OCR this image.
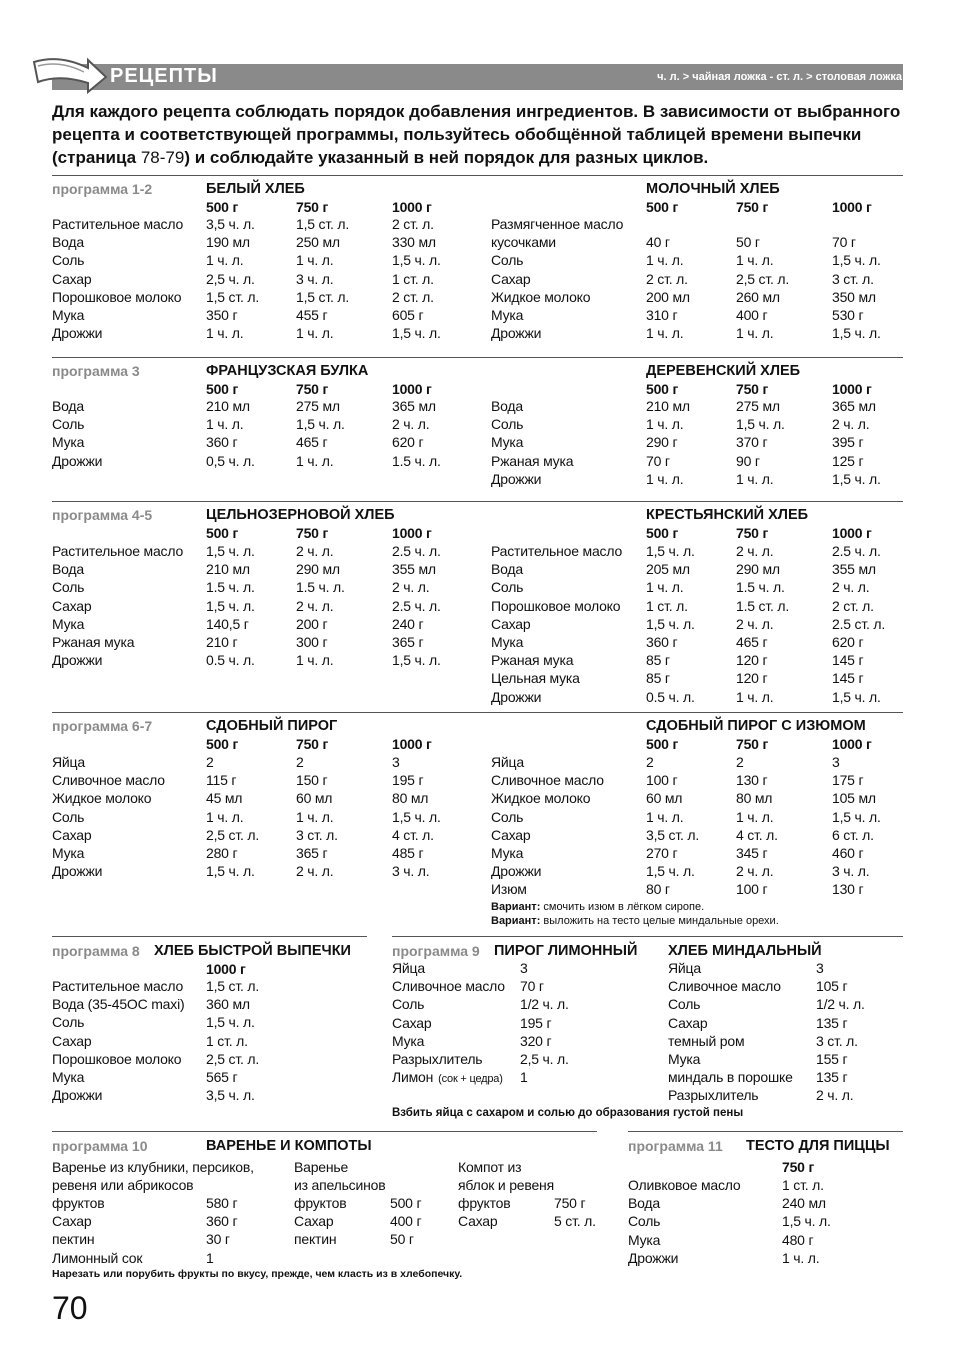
РЕЦЕПТЫ	ч. л. > чайная ложка - ст. л. > столовая ложка
Для каждого рецепта соблюдать порядок добавления ингредиентов. В зависимости от выбранного рецепта и соответствующей программы, пользуйтесь обобщённой таблицей времени выпечки (страница 78-79) и соблюдайте указанный в ней порядок для разных циклов.
программа 1-2	БЕЛЫЙ ХЛЕБ	МОЛОЧНЫЙ ХЛЕБ
500 г	750 г	1000 г
Растительное масло 3,5 ч. л.	1,5 ст. л.	2 ст. л.
Вода	190 мл	250 мл	330 мл
Соль	1 ч. л.	1 ч. л.	1,5 ч. л.
Сахар	2,5 ч. л.	3 ч. л.	1 ст. л.
Порошковое молоко 1,5 ст. л.	1,5 ст. л.	2 ст. л.
Мука	350 г	455 г	605 г
Дрожжи	1 ч. л.	1 ч. л.	1,5 ч. л.
500 г	750 г	1000 г
Размягченное масло
кусочками	40 г	50 г	70 г
Соль	1 ч. л.	1 ч. л.	1,5 ч. л.
Сахар	2 ст. л.	2,5 ст. л.	3 ст. л.
Жидкое молоко	200 мл	260 мл	350 мл
Мука	310 г	400 г	530 г
Дрожжи	1 ч. л.	1 ч. л.	1,5 ч. л.
программа 3	ФРАНЦУЗСКАЯ БУЛКА	ДЕРЕВЕНСКИЙ ХЛЕБ
500 г	750 г	1000 г
Вода	210 мл	275 мл	365 мл
Соль	1 ч. л.	1,5 ч. л.	2 ч. л.
Мука	360 г	465 г	620 г
Дрожжи	0,5 ч. л.	1 ч. л.	1.5 ч. л.
500 г	750 г	1000 г
Вода	210 мл	275 мл	365 мл
Соль	1 ч. л.	1,5 ч. л.	2 ч. л.
Мука	290 г	370 г	395 г
Ржаная мука	70 г	90 г	125 г
Дрожжи	1 ч. л.	1 ч. л.	1,5 ч. л.
программа 4-5	ЦЕЛЬНОЗЕРНОВОЙ ХЛЕБ	КРЕСТЬЯНСКИЙ ХЛЕБ
500 г	750 г	1000 г
Растительное масло 1,5 ч. л.	2 ч. л.	2.5 ч. л.
Вода	210 мл	290 мл	355 мл
Соль	1.5 ч. л.	1.5 ч. л.	2 ч. л.
Сахар	1,5 ч. л.	2 ч. л.	2.5 ч. л.
Мука	140,5 г	200 г	240 г
Ржаная мука	210 г	300 г	365 г
Дрожжи	0.5 ч. л.	1 ч. л.	1,5 ч. л.
500 г	750 г	1000 г
Растительное масло 1,5 ч. л.	2 ч. л.	2.5 ч. л.
Вода	205 мл	290 мл	355 мл
Соль	1 ч. л.	1.5 ч. л.	2 ч. л.
Порошковое молоко 1 ст. л.	1.5 ст. л.	2 ст. л.
Сахар	1,5 ч. л.	2 ч. л.	2.5 ст. л.
Мука	360 г	465 г	620 г
Ржаная мука	85 г	120 г	145 г
Цельная мука	85 г	120 г	145 г
Дрожжи	0.5 ч. л.	1 ч. л.	1,5 ч. л.
программа 6-7	СДОБНЫЙ ПИРОГ	СДОБНЫЙ ПИРОГ С ИЗЮМОМ
500 г	750 г	1000 г
Яйца	2	2	3
Сливочное масло	115 г	150 г	195 г
Жидкое молоко	45 мл	60 мл	80 мл
Соль	1 ч. л.	1 ч. л.	1,5 ч. л.
Сахар	2,5 ст. л.	3 ст. л.	4 ст. л.
Мука	280 г	365 г	485 г
Дрожжи	1,5 ч. л.	2 ч. л.	3 ч. л.
500 г	750 г	1000 г
Яйца	2	2	3
Сливочное масло	100 г	130 г	175 г
Жидкое молоко	60 мл	80 мл	105 мл
Соль	1 ч. л.	1 ч. л.	1,5 ч. л.
Сахар	3,5 ст. л.	4 ст. л.	6 ст. л.
Мука	270 г	345 г	460 г
Дрожжи	1,5 ч. л.	2 ч. л.	3 ч. л.
Изюм	80 г	100 г	130 г
Вариант: смочить изюм в лёгком сиропе.
Вариант: выложить на тесто целые миндальные орехи.
программа 8 ХЛЕБ БЫСТРОЙ ВЫПЕЧКИ
1000 г
Растительное масло 1,5 ст. л.
Вода (35-45ОС maxi) 360 мл
Соль	1,5 ч. л.
Сахар	1 ст. л.
Порошковое молоко 2,5 ст. л.
Мука	565 г
Дрожжи	3,5 ч. л.
программа 9 ПИРОГ ЛИМОННЫЙ
Яйца	3
Сливочное масло 70 г
Соль	1/2 ч. л.
Сахар	195 г
Мука	320 г
Разрыхлитель	2,5 ч. л.
Лимон (сок + цедра) 1
ХЛЕБ МИНДАЛЬНЫЙ
Яйца	3
Сливочное масло	105 г
Соль	1/2 ч. л.
Сахар	135 г
темный ром	3 ст. л.
Мука	155 г
миндаль в порошке 135 г
Разрыхлитель	2 ч. л.
Взбить яйца с сахаром и солью до образования густой пены
программа 10	ВАРЕНЬЕ И КОМПОТЫ
Варенье из клубники, персиков,
ревеня или абрикосов
фруктов	580 г
Сахар	360 г
пектин	30 г
Лимонный сок	1
Варенье
из апельсинов
фруктов	500 г
Сахар	400 г
пектин	50 г
Компот из
яблок и ревеня
фруктов	750 г
Сахар	5 ст. л.
Нарезать или порубить фрукты по вкусу, прежде, чем класть из в хлебопечку.
программа 11 ТЕСТО ДЛЯ ПИЦЦЫ
750 г
Оливковое масло	1 ст. л.
Вода	240 мл
Соль	1,5 ч. л.
Мука	480 г
Дрожжи	1 ч. л.
70
